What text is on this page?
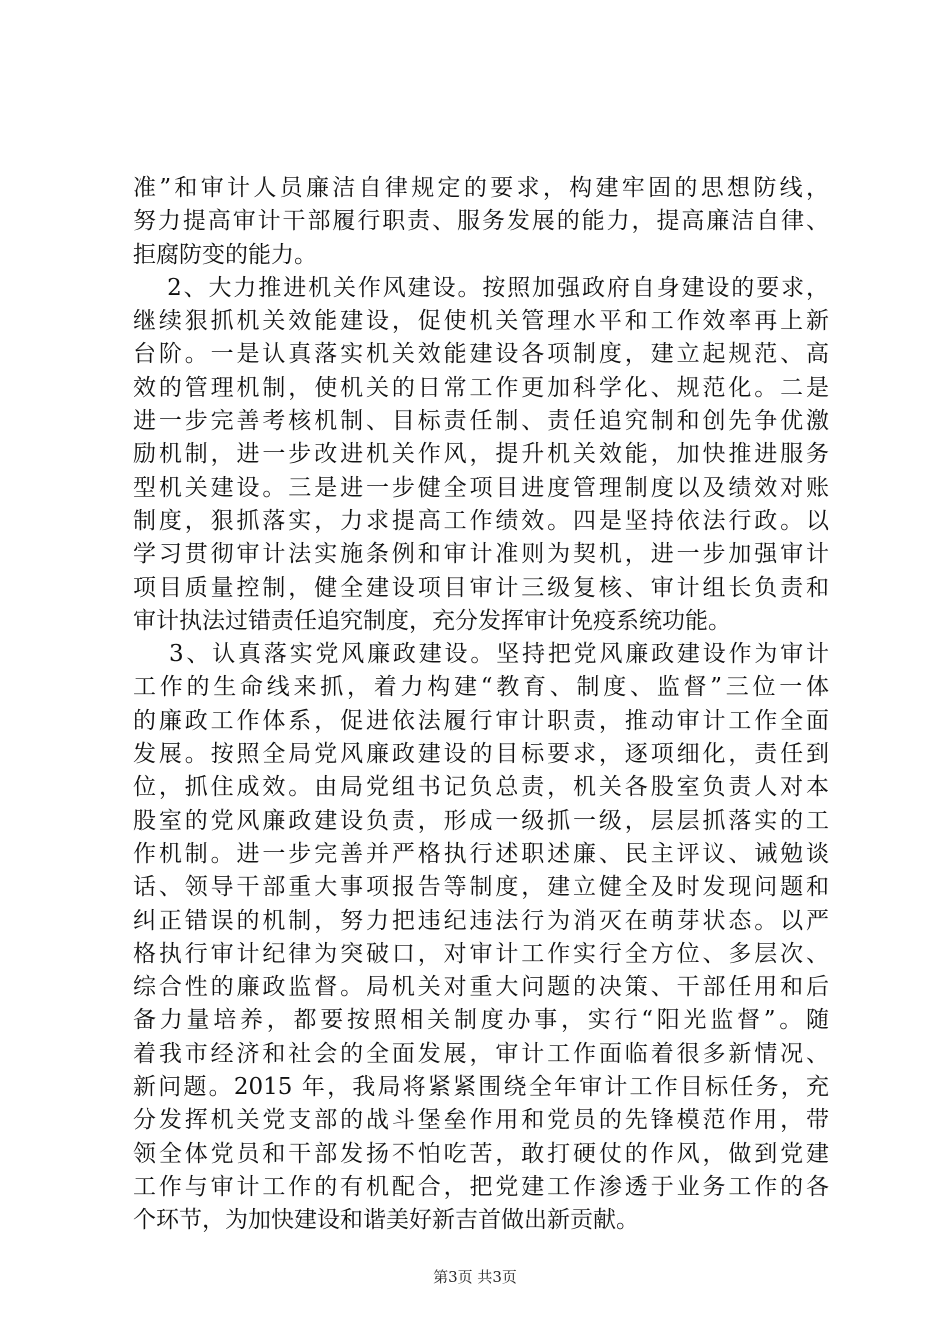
准”和审计人员廉洁自律规定的要求，构建牢固的思想防线，
努力提高审计干部履行职责、服务发展的能力，提高廉洁自律、
拒腐防变的能力。
　 2、大力推进机关作风建设。按照加强政府自身建设的要求，
继续狠抓机关效能建设，促使机关管理水平和工作效率再上新
台阶。一是认真落实机关效能建设各项制度，建立起规范、高
效的管理机制，使机关的日常工作更加科学化、规范化。二是
进一步完善考核机制、目标责任制、责任追究制和创先争优激
励机制，进一步改进机关作风，提升机关效能，加快推进服务
型机关建设。三是进一步健全项目进度管理制度以及绩效对账
制度，狠抓落实，力求提高工作绩效。四是坚持依法行政。以
学习贯彻审计法实施条例和审计准则为契机，进一步加强审计
项目质量控制，健全建设项目审计三级复核、审计组长负责和
审计执法过错责任追究制度，充分发挥审计免疫系统功能。
　 3、认真落实党风廉政建设。坚持把党风廉政建设作为审计
工作的生命线来抓，着力构建“教育、制度、监督”三位一体
的廉政工作体系，促进依法履行审计职责，推动审计工作全面
发展。按照全局党风廉政建设的目标要求，逐项细化，责任到
位，抓住成效。由局党组书记负总责，机关各股室负责人对本
股室的党风廉政建设负责，形成一级抓一级，层层抓落实的工
作机制。进一步完善并严格执行述职述廉、民主评议、诫勉谈
话、领导干部重大事项报告等制度，建立健全及时发现问题和
纠正错误的机制，努力把违纪违法行为消灭在萌芽状态。以严
格执行审计纪律为突破口，对审计工作实行全方位、多层次、
综合性的廉政监督。局机关对重大问题的决策、干部任用和后
备力量培养，都要按照相关制度办事，实行“阳光监督”。随
着我市经济和社会的全面发展，审计工作面临着很多新情况、
新问题。2015 年，我局将紧紧围绕全年审计工作目标任务，充
分发挥机关党支部的战斗堡垒作用和党员的先锋模范作用，带
领全体党员和干部发扬不怕吃苦，敢打硬仗的作风，做到党建
工作与审计工作的有机配合，把党建工作渗透于业务工作的各
个环节，为加快建设和谐美好新吉首做出新贡献。
第3页 共3页
